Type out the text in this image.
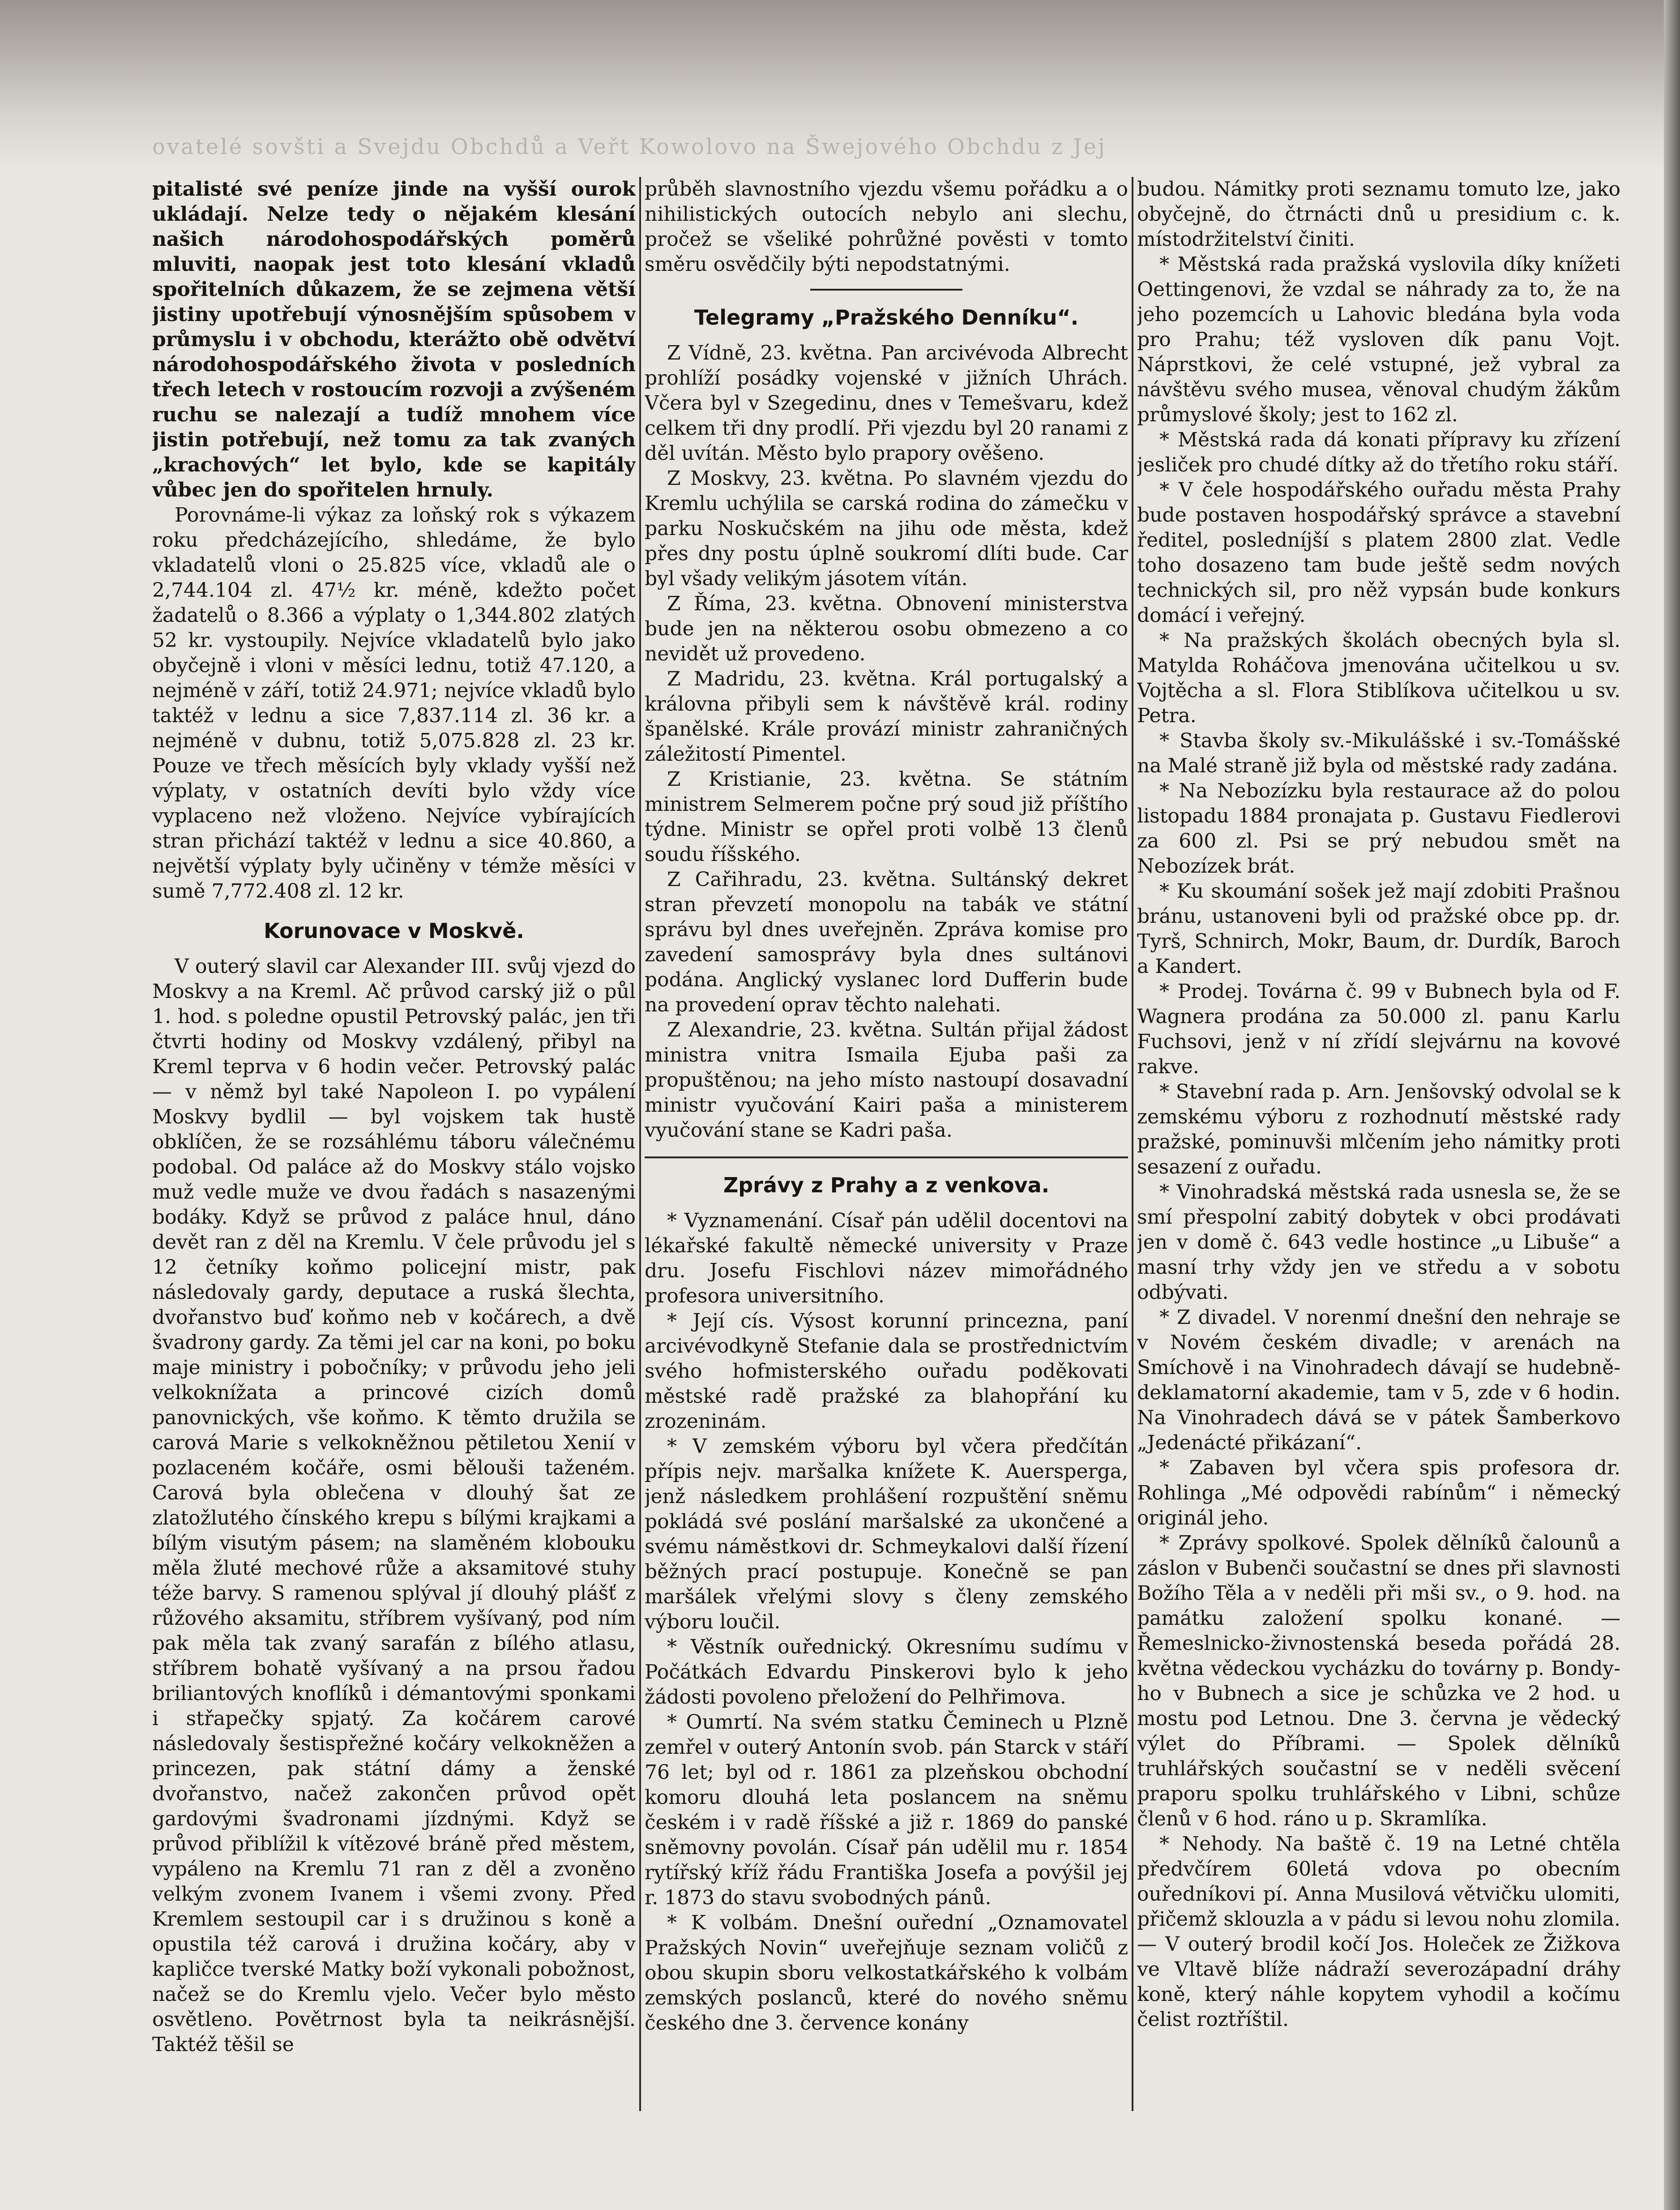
ovatelé sovšti a Svejdu Obchdů a Veřt Kowolovo na Šwejového Obchdu z Jej

pitalisté své peníze jinde na vyšší ourok ukládají. Nelze tedy o nějakém klesání našich národohospodářských poměrů mluviti, naopak jest toto klesání vkladů spořitelních důkazem, že se zejmena větší jistiny upotřebují výnosnějším spůsobem v průmyslu i v obchodu, kterážto obě odvětví národohospodářského života v posledních třech letech v rostoucím rozvoji a zvýšeném ruchu se nalezají a tudíž mnohem více jistin potřebují, než tomu za tak zvaných „krachových“ let bylo, kde se kapitály vůbec jen do spořitelen hrnuly.

Porovnáme-li výkaz za loňský rok s výkazem roku předcházejícího, shledáme, že bylo vkladatelů vloni o 25.825 více, vkladů ale o 2,744.104 zl. 47½ kr. méně, kdežto počet žadatelů o 8.366 a výplaty o 1,344.802 zlatých 52 kr. vystoupily. Nejvíce vkladatelů bylo jako obyčejně i vloni v měsíci lednu, totiž 47.120, a nejméně v září, totiž 24.971; nejvíce vkladů bylo taktéž v lednu a sice 7,837.114 zl. 36 kr. a nejméně v dubnu, totiž 5,075.828 zl. 23 kr. Pouze ve třech měsících byly vklady vyšší než výplaty, v ostatních devíti bylo vždy více vyplaceno než vloženo. Nejvíce vybírajících stran přichází taktéž v lednu a sice 40.860, a největší výplaty byly učiněny v témže měsíci v sumě 7,772.408 zl. 12 kr.

Korunovace v Moskvě.

V outerý slavil car Alexander III. svůj vjezd do Moskvy a na Kreml. Ač průvod carský již o půl 1. hod. s poledne opustil Petrovský palác, jen tři čtvrti hodiny od Moskvy vzdálený, přibyl na Kreml teprva v 6 hodin večer. Petrovský palác — v němž byl také Napoleon I. po vypálení Moskvy bydlil — byl vojskem tak hustě obklíčen, že se rozsáhlému táboru válečnému podobal. Od paláce až do Moskvy stálo vojsko muž vedle muže ve dvou řadách s nasazenými bodáky. Když se průvod z paláce hnul, dáno devět ran z děl na Kremlu. V čele průvodu jel s 12 četníky koňmo policejní mistr, pak následovaly gardy, deputace a ruská šlechta, dvořanstvo buď koňmo neb v kočárech, a dvě švadrony gardy. Za těmi jel car na koni, po boku maje ministry i pobočníky; v průvodu jeho jeli velkoknížata a princové cizích domů panovnických, vše koňmo. K těmto družila se carová Marie s velkokněžnou pětiletou Xenií v pozlaceném kočáře, osmi bělouši taženém. Carová byla oblečena v dlouhý šat ze zlatožlutého čínského krepu s bílými krajkami a bílým visutým pásem; na slaměném klobouku měla žluté mechové růže a aksamitové stuhy téže barvy. S ramenou splýval jí dlouhý plášť z růžového aksamitu, stříbrem vyšívaný, pod ním pak měla tak zvaný sarafán z bílého atlasu, stříbrem bohatě vyšívaný a na prsou řadou briliantových knoflíků i démantovými sponkami i střapečky spjatý. Za kočárem carové následovaly šestispřežné kočáry velkokněžen a princezen, pak státní dámy a ženské dvořanstvo, načež zakončen průvod opět gardovými švadronami jízdnými. Když se průvod přiblížil k vítězové bráně před městem, vypáleno na Kremlu 71 ran z děl a zvoněno velkým zvonem Ivanem i všemi zvony. Před Kremlem sestoupil car i s družinou s koně a opustila též carová i družina kočáry, aby v kapličce tverské Matky boží vykonali pobožnost, načež se do Kremlu vjelo. Večer bylo město osvětleno. Povětrnost byla ta neikrásnější. Taktéž těšil se

průběh slavnostního vjezdu všemu pořádku a o nihilistických outocích nebylo ani slechu, pročež se všeliké pohrůžné pověsti v tomto směru osvědčily býti nepodstatnými.

Telegramy „Pražského Denníku“.

Z Vídně, 23. května. Pan arcivévoda Albrecht prohlíží posádky vojenské v jižních Uhrách. Včera byl v Szegedinu, dnes v Temešvaru, kdež celkem tři dny prodlí. Při vjezdu byl 20 ranami z děl uvítán. Město bylo prapory ověšeno.

Z Moskvy, 23. května. Po slavném vjezdu do Kremlu uchýlila se carská rodina do zámečku v parku Noskučském na jihu ode města, kdež přes dny postu úplně soukromí dlíti bude. Car byl všady velikým jásotem vítán.

Z Říma, 23. května. Obnovení ministerstva bude jen na některou osobu obmezeno a co nevidět už provedeno.

Z Madridu, 23. května. Král portugalský a královna přibyli sem k návštěvě král. rodiny španělské. Krále provází ministr zahraničných záležitostí Pimentel.

Z Kristianie, 23. května. Se státním ministrem Selmerem počne prý soud již příštího týdne. Ministr se opřel proti volbě 13 členů soudu říšského.

Z Cařihradu, 23. května. Sultánský dekret stran převzetí monopolu na tabák ve státní správu byl dnes uveřejněn. Zpráva komise pro zavedení samosprávy byla dnes sultánovi podána. Anglický vyslanec lord Dufferin bude na provedení oprav těchto nalehati.

Z Alexandrie, 23. května. Sultán přijal žádost ministra vnitra Ismaila Ejuba paši za propuštěnou; na jeho místo nastoupí dosavadní ministr vyučování Kairi paša a ministerem vyučování stane se Kadri paša.

Zprávy z Prahy a z venkova.

* Vyznamenání. Císař pán udělil docentovi na lékařské fakultě německé university v Praze dru. Josefu Fischlovi název mimořádného profesora universitního.

* Její cís. Výsost korunní princezna, paní arcivévodkyně Stefanie dala se prostřednictvím svého hofmisterského ouřadu poděkovati městské radě pražské za blahopřání ku zrozeninám.

* V zemském výboru byl včera předčítán přípis nejv. maršalka knížete K. Auersperga, jenž následkem prohlášení rozpuštění sněmu pokládá své poslání maršalské za ukončené a svému náměstkovi dr. Schmeykalovi další řízení běžných prací postupuje. Konečně se pan maršálek vřelými slovy s členy zemského výboru loučil.

* Věstník ouřednický. Okresnímu sudímu v Počátkách Edvardu Pinskerovi bylo k jeho žádosti povoleno přeložení do Pelhřimova.

* Oumrtí. Na svém statku Čeminech u Plzně zemřel v outerý Antonín svob. pán Starck v stáří 76 let; byl od r. 1861 za plzeňskou obchodní komoru dlouhá leta poslancem na sněmu českém i v radě říšské a již r. 1869 do panské sněmovny povolán. Císař pán udělil mu r. 1854 rytířský kříž řádu Františka Josefa a povýšil jej r. 1873 do stavu svobodných pánů.

* K volbám. Dnešní ouřední „Oznamovatel Pražských Novin“ uveřejňuje seznam voličů z obou skupin sboru velkostatkářského k volbám zemských poslanců, které do nového sněmu českého dne 3. července konány

budou. Námitky proti seznamu tomuto lze, jako obyčejně, do čtrnácti dnů u presidium c. k. místodržitelství činiti.

* Městská rada pražská vyslovila díky knížeti Oettingenovi, že vzdal se náhrady za to, že na jeho pozemcích u Lahovic bledána byla voda pro Prahu; též vysloven dík panu Vojt. Náprstkovi, že celé vstupné, jež vybral za návštěvu svého musea, věnoval chudým žákům průmyslové školy; jest to 162 zl.

* Městská rada dá konati přípravy ku zřízení jesliček pro chudé dítky až do třetího roku stáří.

* V čele hospodářského ouřadu města Prahy bude postaven hospodářský správce a stavební ředitel, posledníjší s platem 2800 zlat. Vedle toho dosazeno tam bude ještě sedm nových technických sil, pro něž vypsán bude konkurs domácí i veřejný.

* Na pražských školách obecných byla sl. Matylda Roháčova jmenována učitelkou u sv. Vojtěcha a sl. Flora Stiblíkova učitelkou u sv. Petra.

* Stavba školy sv.-Mikulášské i sv.-Tomášské na Malé straně již byla od městské rady zadána.

* Na Nebozízku byla restaurace až do polou listopadu 1884 pronajata p. Gustavu Fiedlerovi za 600 zl. Psi se prý nebudou smět na Nebozízek brát.

* Ku skoumání sošek jež mají zdobiti Prašnou bránu, ustanoveni byli od pražské obce pp. dr. Tyrš, Schnirch, Mokr, Baum, dr. Durdík, Baroch a Kandert.

* Prodej. Továrna č. 99 v Bubnech byla od F. Wagnera prodána za 50.000 zl. panu Karlu Fuchsovi, jenž v ní zřídí slejvárnu na kovové rakve.

* Stavební rada p. Arn. Jenšovský odvolal se k zemskému výboru z rozhodnutí městské rady pražské, pominuvši mlčením jeho námitky proti sesazení z ouřadu.

* Vinohradská městská rada usnesla se, že se smí přespolní zabitý dobytek v obci prodávati jen v domě č. 643 vedle hostince „u Libuše“ a masní trhy vždy jen ve středu a v sobotu odbývati.

* Z divadel. V norenmí dnešní den nehraje se v Novém českém divadle; v arenách na Smíchově i na Vinohradech dávají se hudebně-deklamatorní akademie, tam v 5, zde v 6 hodin. Na Vinohradech dává se v pátek Šamberkovo „Jedenácté přikázaní“.

* Zabaven byl včera spis profesora dr. Rohlinga „Mé odpovědi rabínům“ i německý originál jeho.

* Zprávy spolkové. Spolek dělníků čalounů a záslon v Bubenči součastní se dnes při slavnosti Božího Těla a v neděli při mši sv., o 9. hod. na památku založení spolku konané. — Řemeslnicko-živnostenská beseda pořádá 28. května vědeckou vycházku do továrny p. Bondy-ho v Bubnech a sice je schůzka ve 2 hod. u mostu pod Letnou. Dne 3. června je vědecký výlet do Příbrami. — Spolek dělníků truhlářských součastní se v neděli svěcení praporu spolku truhlářského v Libni, schůze členů v 6 hod. ráno u p. Skramlíka.

* Nehody. Na baště č. 19 na Letné chtěla předvčírem 60letá vdova po obecním ouředníkovi pí. Anna Musilová větvičku ulomiti, přičemž sklouzla a v pádu si levou nohu zlomila. — V outerý brodil kočí Jos. Holeček ze Žižkova ve Vltavě blíže nádraží severozápadní dráhy koně, který náhle kopytem vyhodil a kočímu čelist roztříštil.
